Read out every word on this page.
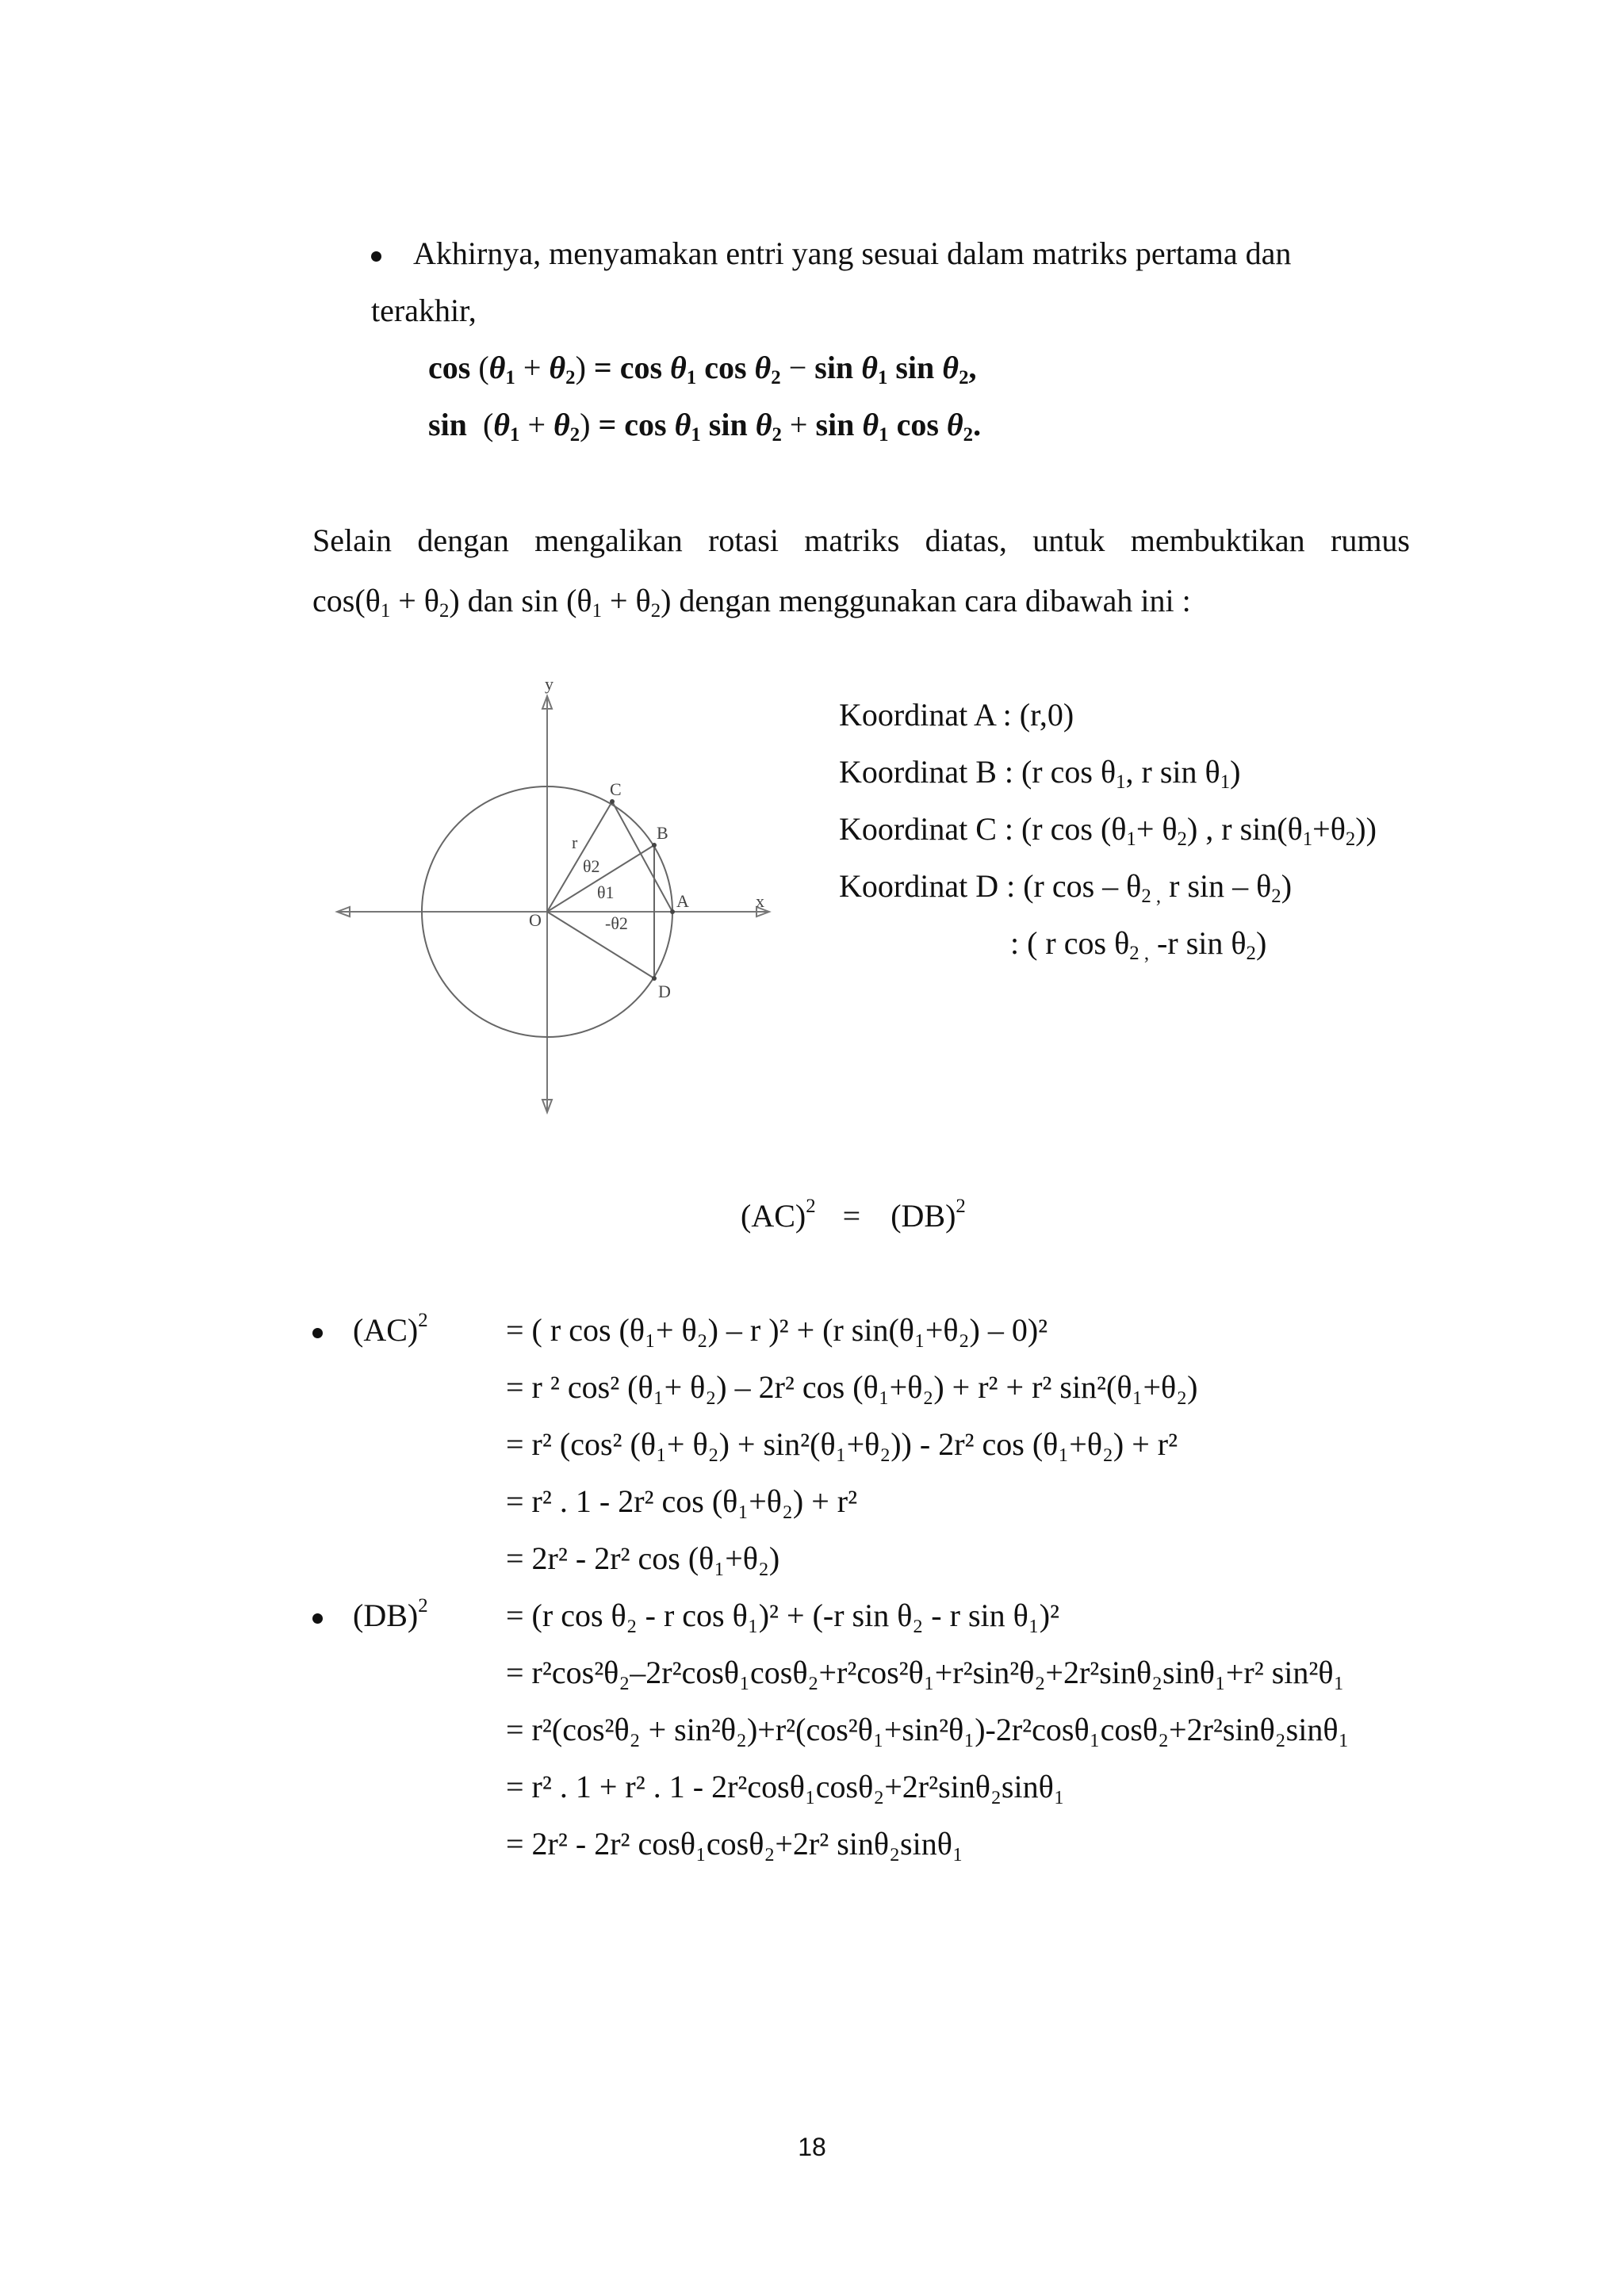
Akhirnya, menyamakan entri yang sesuai dalam matriks pertama dan
terakhir,
$\cos (\theta_1 + \theta_2) = \cos \theta_1$ $\cos \theta_2 - \sin \theta_1$ $\sin \theta_2$,
$\sin (\theta_1 + \theta_2) = \cos \theta_1$ $\sin \theta_2 + \sin \theta_1$ $\cos \theta_2$.
Selain dengan mengalikan rotasi matriks diatas, untuk membuktikan rumus
$\cos(\theta_1 + \theta_2)$ dan $\sin (\theta_1 + \theta_2)$ dengan menggunakan cara dibawah ini :
y
x
O
A
B
C
D
r
θ2
θ1
-θ2
Koordinat A : (r,0)
Koordinat B : (r $\cos \theta_1$, r $\sin \theta_1$)
Koordinat C : (r $\cos (\theta_1+ \theta_2)$ , r $\sin(\theta_1+\theta_2)$)
Koordinat D : (r cos – $\theta_2$ $_,$ r sin – $\theta_2$)
: ( r $\cos \theta_2$ $_,$ -r $\sin \theta_2$)
(AC)$^2$ = (DB)$^2$
(AC)$^2$ = ( r cos (θ₁+ θ₂) – r )² + (r sin(θ₁+θ₂) – 0)²
= r ² cos² (θ₁+ θ₂) – 2r² cos (θ₁+θ₂) + r² + r² sin²(θ₁+θ₂)
= r² (cos² (θ₁+ θ₂) + sin²(θ₁+θ₂)) - 2r² cos (θ₁+θ₂) + r²
= r² . 1 - 2r² cos (θ₁+θ₂) + r²
= 2r² - 2r² cos (θ₁+θ₂)
(DB)$^2$ = (r cos θ₂ - r cos θ₁)² + (-r sin θ₂ - r sin θ₁)²
= r²cos²θ₂–2r²cosθ₁cosθ₂+r²cos²θ₁+r²sin²θ₂+2r²sinθ₂sinθ₁+r² sin²θ₁
= r²(cos²θ₂ + sin²θ₂)+r²(cos²θ₁+sin²θ₁)-2r²cosθ₁cosθ₂+2r²sinθ₂sinθ₁
= r² . 1 + r² . 1 - 2r²cosθ₁cosθ₂+2r²sinθ₂sinθ₁
= 2r² - 2r² cosθ₁cosθ₂+2r² sinθ₂sinθ₁
18
